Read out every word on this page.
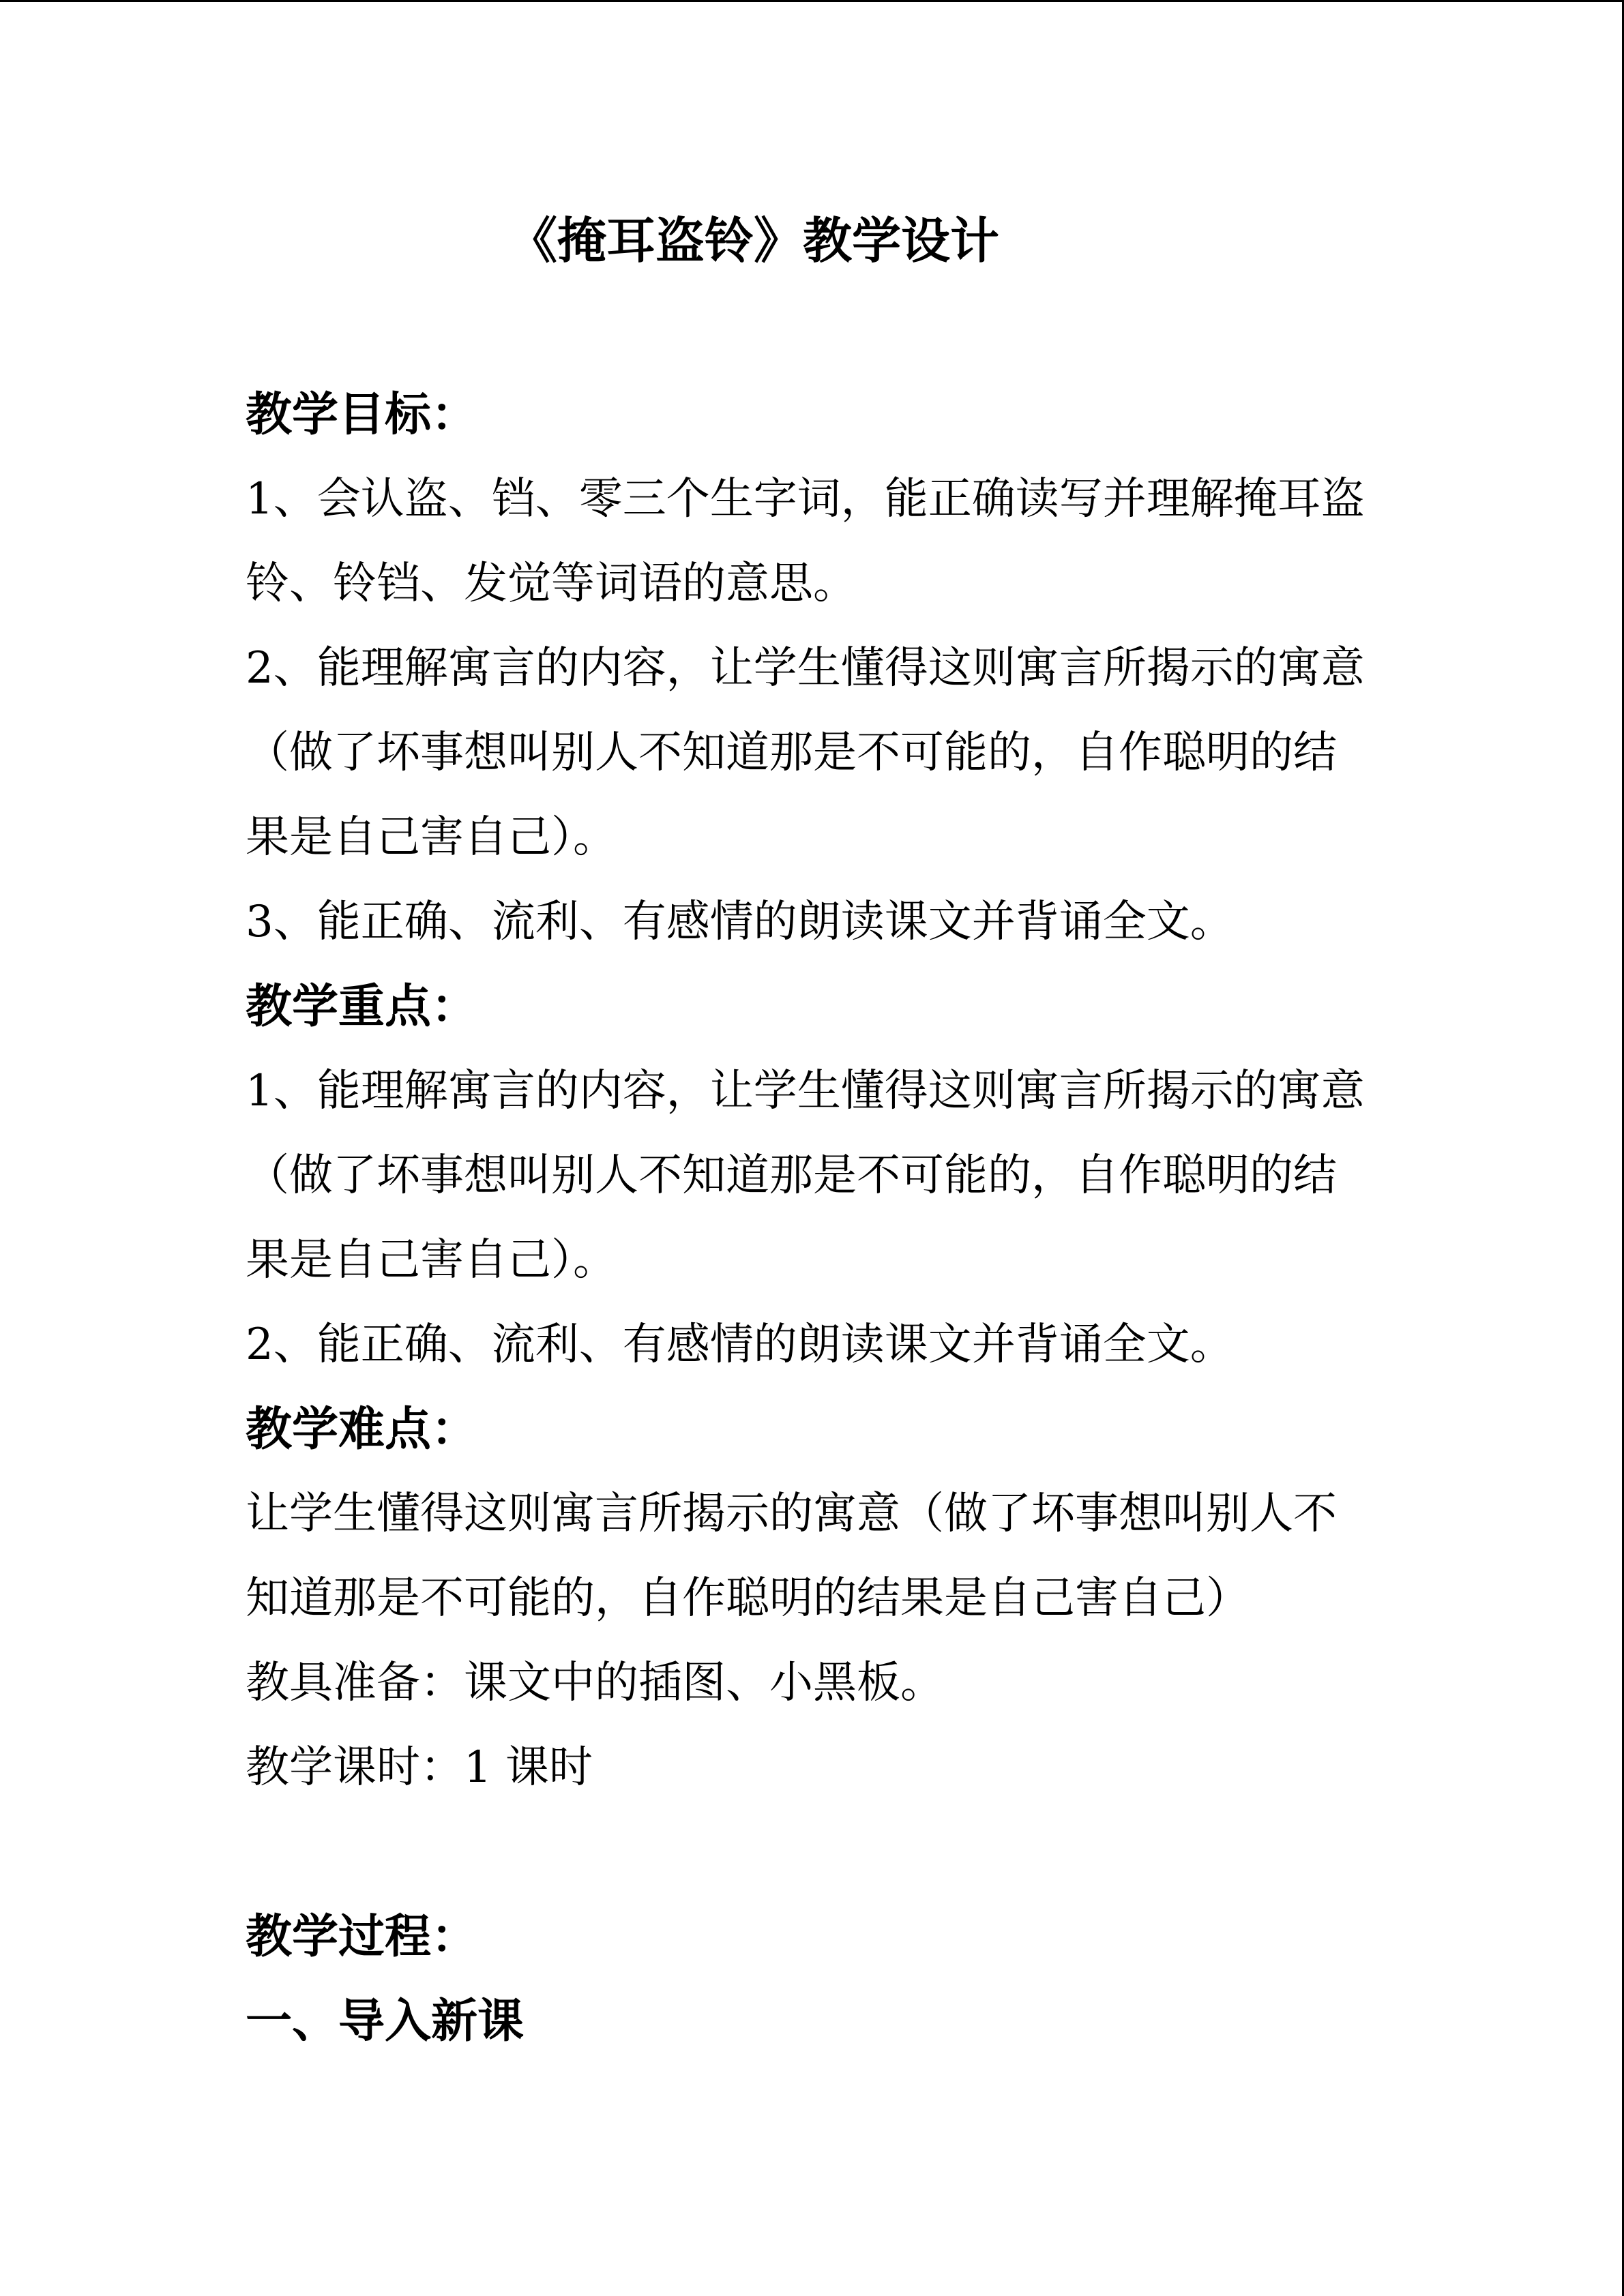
《掩耳盗铃》教学设计
教学目标：
1、会认盗、铛、零三个生字词，能正确读写并理解掩耳盗
铃、铃铛、发觉等词语的意思。
2、能理解寓言的内容，让学生懂得这则寓言所揭示的寓意
（做了坏事想叫别人不知道那是不可能的，自作聪明的结
果是自己害自己）。
3、能正确、流利、有感情的朗读课文并背诵全文。
教学重点：
1、能理解寓言的内容，让学生懂得这则寓言所揭示的寓意
（做了坏事想叫别人不知道那是不可能的，自作聪明的结
果是自己害自己）。
2、能正确、流利、有感情的朗读课文并背诵全文。
教学难点：
让学生懂得这则寓言所揭示的寓意（做了坏事想叫别人不
知道那是不可能的，自作聪明的结果是自己害自己）
教具准备：课文中的插图、小黑板。
教学课时：1 课时
教学过程：
一、导入新课
